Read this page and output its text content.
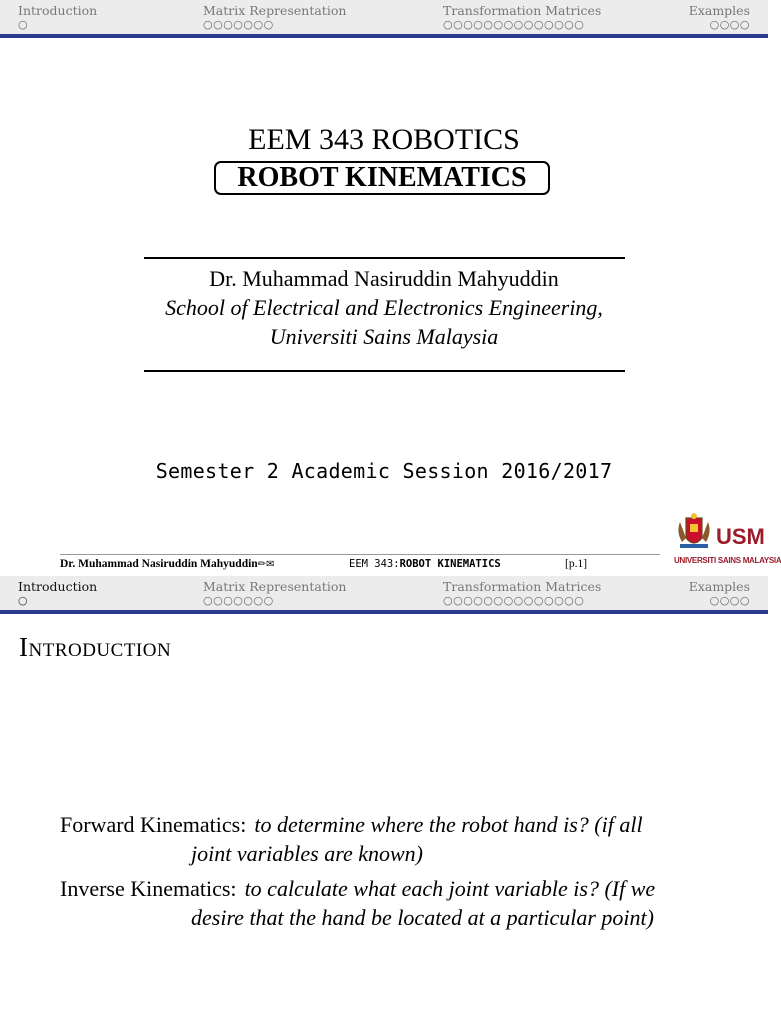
Introduction
○
Matrix Representation
○○○○○○○
Transformation Matrices
○○○○○○○○○○○○○○
Examples
○○○○
EEM 343 ROBOTICS
ROBOT KINEMATICS
Dr. Muhammad Nasiruddin Mahyuddin
School of Electrical and Electronics Engineering,
Universiti Sains Malaysia
Semester 2 Academic Session 2016/2017
USM
UNIVERSITI SAINS MALAYSIA
Dr. Muhammad Nasiruddin Mahyuddin✏✉	EEM 343:ROBOT KINEMATICS	[p.1]
Introduction
○
Matrix Representation
○○○○○○○
Transformation Matrices
○○○○○○○○○○○○○○
Examples
○○○○
Introduction
Forward Kinematics: to determine where the robot hand is? (if all
joint variables are known)
Inverse Kinematics: to calculate what each joint variable is? (If we
desire that the hand be located at a particular point)
